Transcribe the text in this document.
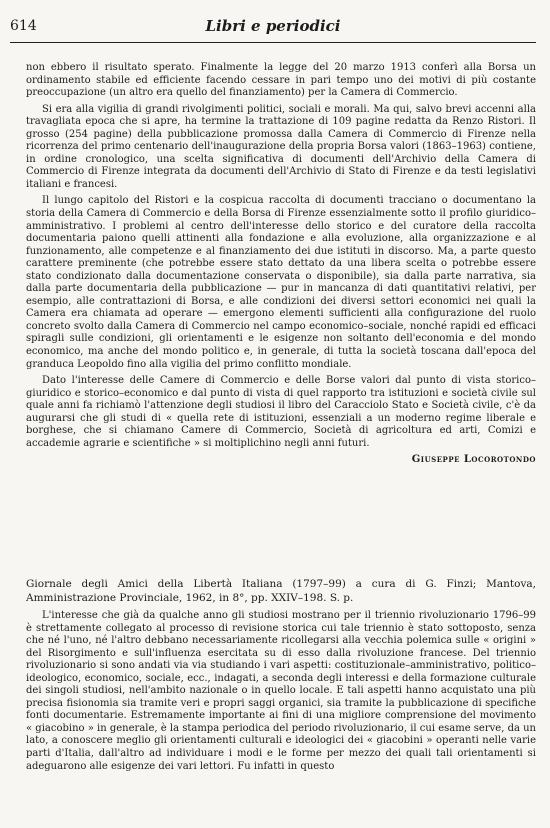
614	Libri e periodici

non ebbero il risultato sperato. Finalmente la legge del 20 marzo 1913 conferì alla Borsa un ordinamento stabile ed efficiente facendo cessare in pari tempo uno dei motivi di più costante preoccupazione (un altro era quello del finanziamento) per la Camera di Commercio.

Si era alla vigilia di grandi rivolgimenti politici, sociali e morali. Ma qui, salvo brevi accenni alla travagliata epoca che si apre, ha termine la trattazione di 109 pagine redatta da Renzo Ristori. Il grosso (254 pagine) della pubblicazione promossa dalla Camera di Commercio di Firenze nella ricorrenza del primo centenario dell'inaugurazione della propria Borsa valori (1863–1963) contiene, in ordine cronologico, una scelta significativa di documenti dell'Archivio della Camera di Commercio di Firenze integrata da documenti dell'Archivio di Stato di Firenze e da testi legislativi italiani e francesi.

Il lungo capitolo del Ristori e la cospicua raccolta di documenti tracciano o documentano la storia della Camera di Commercio e della Borsa di Firenze essenzialmente sotto il profilo giuridico–amministrativo. I problemi al centro dell'interesse dello storico e del curatore della raccolta documentaria paiono quelli attinenti alla fondazione e alla evoluzione, alla organizzazione e al funzionamento, alle competenze e al finanziamento dei due istituti in discorso. Ma, a parte questo carattere preminente (che potrebbe essere stato dettato da una libera scelta o potrebbe essere stato condizionato dalla documentazione conservata o disponibile), sia dalla parte narrativa, sia dalla parte documentaria della pubblicazione — pur in mancanza di dati quantitativi relativi, per esempio, alle contrattazioni di Borsa, e alle condizioni dei diversi settori economici nei quali la Camera era chiamata ad operare — emergono elementi sufficienti alla configurazione del ruolo concreto svolto dalla Camera di Commercio nel campo economico–sociale, nonché rapidi ed efficaci spiragli sulle condizioni, gli orientamenti e le esigenze non soltanto dell'economia e del mondo economico, ma anche del mondo politico e, in generale, di tutta la società toscana dall'epoca del granduca Leopoldo fino alla vigilia del primo conflitto mondiale.

Dato l'interesse delle Camere di Commercio e delle Borse valori dal punto di vista storico–giuridico e storico–economico e dal punto di vista di quel rapporto tra istituzioni e società civile sul quale anni fa richiamò l'attenzione degli studiosi il libro del Caracciolo Stato e Società civile, c'è da augurarsi che gli studi di « quella rete di istituzioni, essenziali a un moderno regime liberale e borghese, che si chiamano Camere di Commercio, Società di agricoltura ed arti, Comizi e accademie agrarie e scientifiche » si moltiplichino negli anni futuri.

Giuseppe Locorotondo
Giornale degli Amici della Libertà Italiana (1797–99) a cura di G. Finzi; Mantova, Amministrazione Provinciale, 1962, in 8°, pp. XXIV–198. S. p.

L'interesse che già da qualche anno gli studiosi mostrano per il triennio rivoluzionario 1796–99 è strettamente collegato al processo di revisione storica cui tale triennio è stato sottoposto, senza che né l'uno, né l'altro debbano necessariamente ricollegarsi alla vecchia polemica sulle « origini » del Risorgimento e sull'influenza esercitata su di esso dalla rivoluzione francese. Del triennio rivoluzionario si sono andati via via studiando i vari aspetti: costituzionale–amministrativo, politico–ideologico, economico, sociale, ecc., indagati, a seconda degli interessi e della formazione culturale dei singoli studiosi, nell'ambito nazionale o in quello locale. E tali aspetti hanno acquistato una più precisa fisionomia sia tramite veri e propri saggi organici, sia tramite la pubblicazione di specifiche fonti documentarie. Estremamente importante ai fini di una migliore comprensione del movimento « giacobino » in generale, è la stampa periodica del periodo rivoluzionario, il cui esame serve, da un lato, a conoscere meglio gli orientamenti culturali e ideologici dei « giacobini » operanti nelle varie parti d'Italia, dall'altro ad individuare i modi e le forme per mezzo dei quali tali orientamenti si adeguarono alle esigenze dei vari lettori. Fu infatti in questo
